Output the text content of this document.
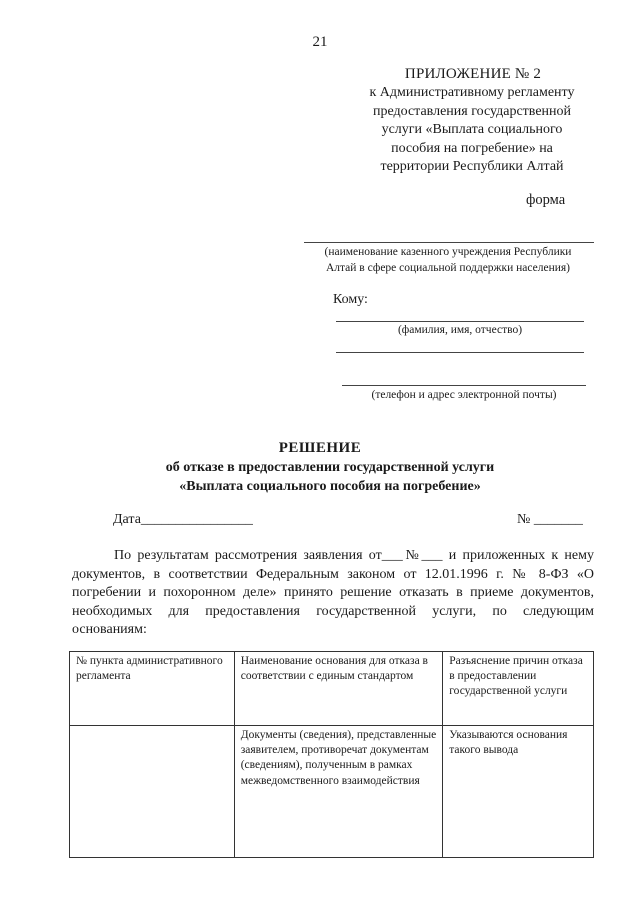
21
ПРИЛОЖЕНИЕ № 2
к Административному регламенту
предоставления государственной
услуги «Выплата социального
пособия на погребение» на
территории Республики Алтай
форма
(наименование казенного учреждения Республики
Алтай в сфере социальной поддержки населения)
Кому:
(фамилия, имя, отчество)
(телефон и адрес электронной почты)
РЕШЕНИЕ
об отказе в предоставлении государственной услуги
«Выплата социального пособия на погребение»
Дата________________	№ _______
По результатам рассмотрения заявления от___№___ и приложенных к нему документов, в соответствии Федеральным законом от 12.01.1996 г. № 8-ФЗ «О погребении и похоронном деле» принято решение отказать в приеме документов, необходимых для предоставления государственной услуги, по следующим основаниям:
№ пункта административного регламента	Наименование основания для отказа в соответствии с единым стандартом	Разъяснение причин отказа в предоставлении государственной услуги
	Документы (сведения), представленные заявителем, противоречат документам (сведениям), полученным в рамках межведомственного взаимодействия	Указываются основания такого вывода
